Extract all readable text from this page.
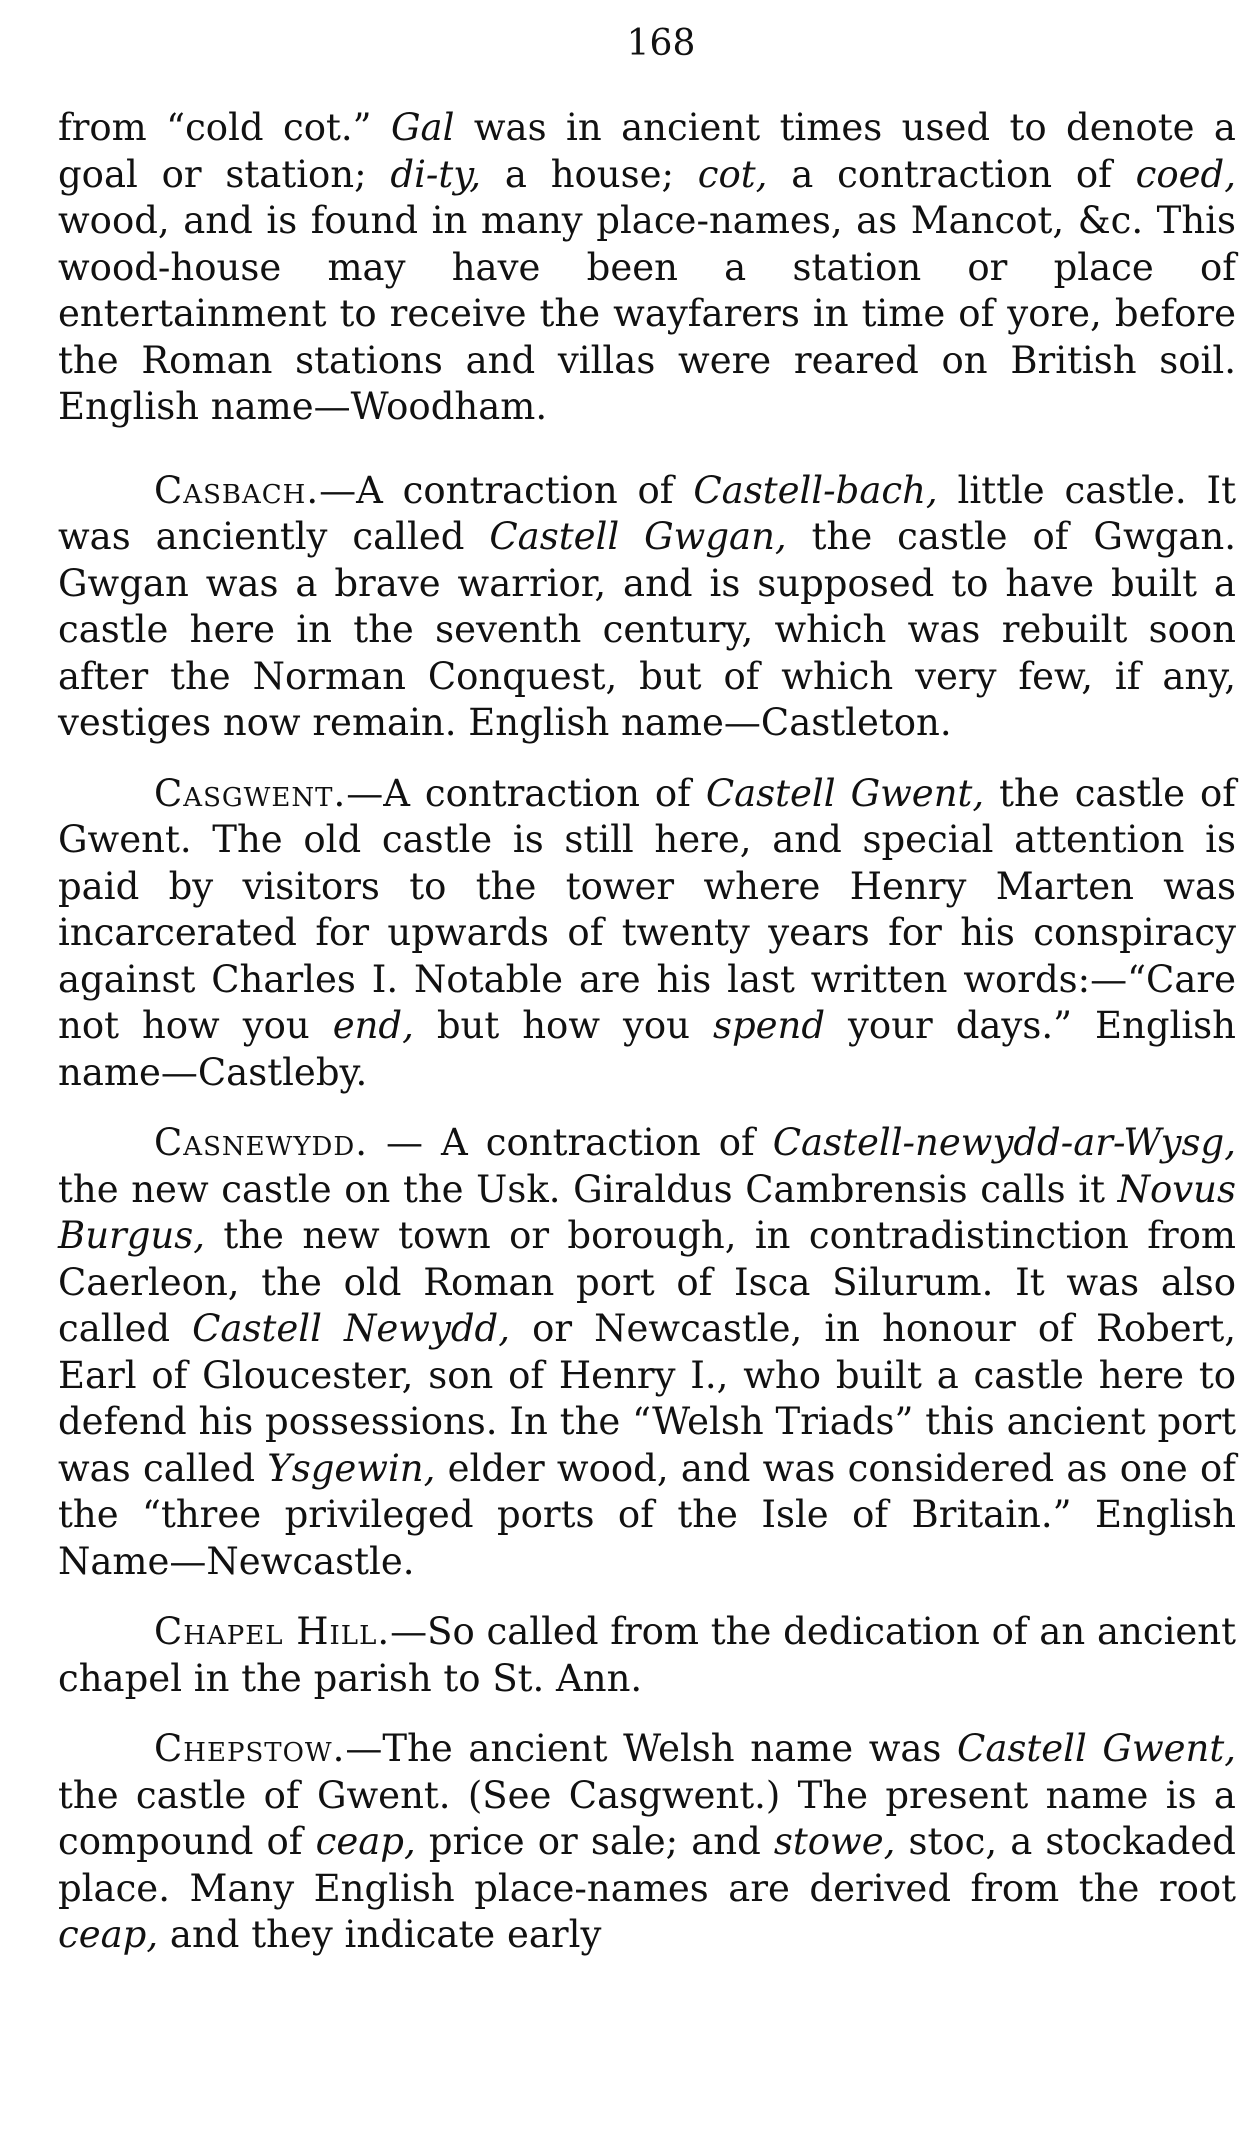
168

from “cold cot.” Gal was in ancient times used to denote a goal or station; di-ty, a house; cot, a contraction of coed, wood, and is found in many place-names, as Mancot, &c. This wood-house may have been a station or place of entertainment to receive the wayfarers in time of yore, before the Roman stations and villas were reared on British soil. English name—Woodham.

Casbach.—A contraction of Castell-bach, little castle. It was anciently called Castell Gwgan, the castle of Gwgan. Gwgan was a brave warrior, and is supposed to have built a castle here in the seventh century, which was rebuilt soon after the Norman Conquest, but of which very few, if any, vestiges now remain. English name—Castleton.

Casgwent.—A contraction of Castell Gwent, the castle of Gwent. The old castle is still here, and special attention is paid by visitors to the tower where Henry Marten was incarcerated for upwards of twenty years for his conspiracy against Charles I. Notable are his last written words:—“Care not how you end, but how you spend your days.” English name—Castleby.

Casnewydd. — A contraction of Castell-newydd-ar-Wysg, the new castle on the Usk. Giraldus Cambrensis calls it Novus Burgus, the new town or borough, in contradistinction from Caerleon, the old Roman port of Isca Silurum. It was also called Castell Newydd, or Newcastle, in honour of Robert, Earl of Gloucester, son of Henry I., who built a castle here to defend his possessions. In the “Welsh Triads” this ancient port was called Ysgewin, elder wood, and was considered as one of the “three privileged ports of the Isle of Britain.” English Name—Newcastle.

Chapel Hill.—So called from the dedication of an ancient chapel in the parish to St. Ann.

Chepstow.—The ancient Welsh name was Castell Gwent, the castle of Gwent. (See Casgwent.) The present name is a compound of ceap, price or sale; and stowe, stoc, a stockaded place. Many English place-names are derived from the root ceap, and they indicate early
